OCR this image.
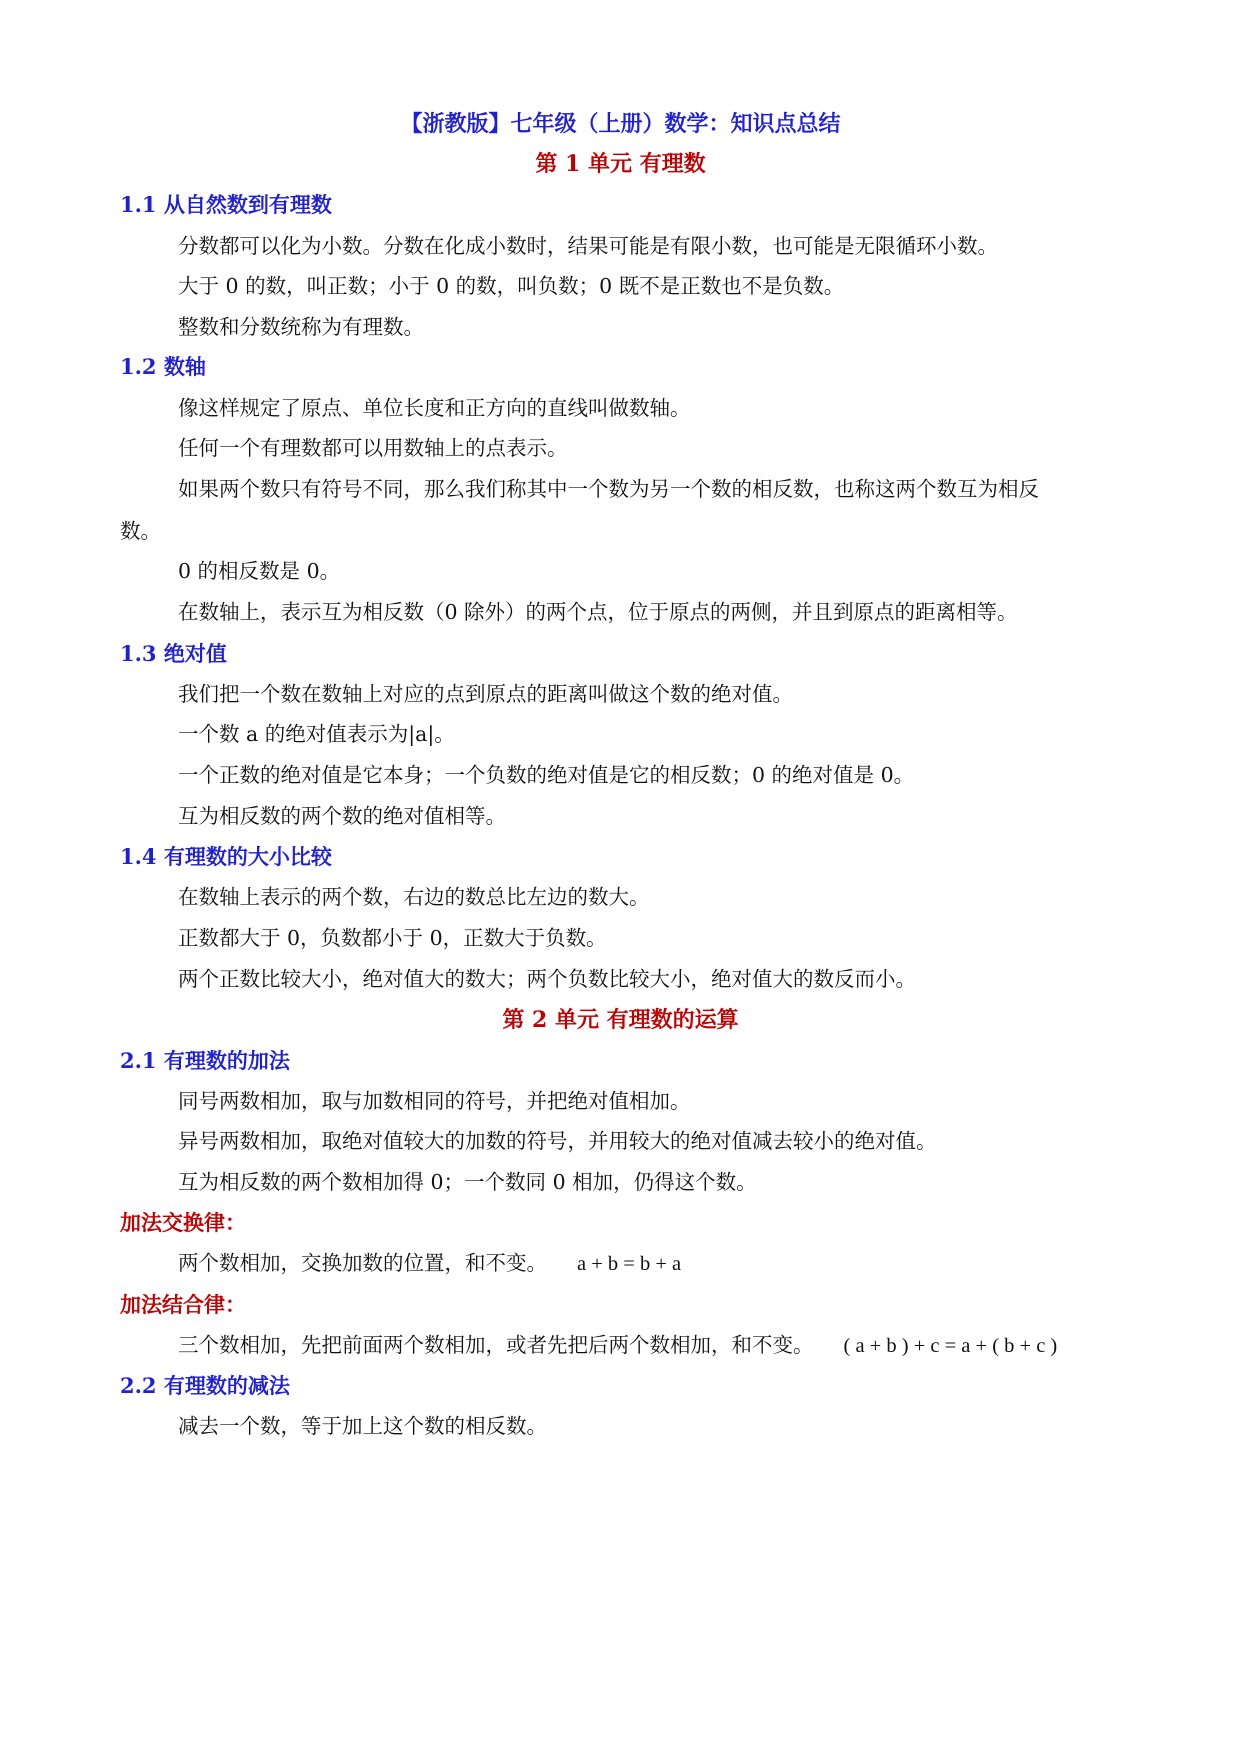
【浙教版】七年级（上册）数学：知识点总结
第 1 单元 有理数
1.1 从自然数到有理数
分数都可以化为小数。分数在化成小数时，结果可能是有限小数，也可能是无限循环小数。
大于 0 的数，叫正数；小于 0 的数，叫负数；0 既不是正数也不是负数。
整数和分数统称为有理数。
1.2 数轴
像这样规定了原点、单位长度和正方向的直线叫做数轴。
任何一个有理数都可以用数轴上的点表示。
如果两个数只有符号不同，那么我们称其中一个数为另一个数的相反数，也称这两个数互为相反
数。
0 的相反数是 0。
在数轴上，表示互为相反数（0 除外）的两个点，位于原点的两侧，并且到原点的距离相等。
1.3 绝对值
我们把一个数在数轴上对应的点到原点的距离叫做这个数的绝对值。
一个数 a 的绝对值表示为|a|。
一个正数的绝对值是它本身；一个负数的绝对值是它的相反数；0 的绝对值是 0。
互为相反数的两个数的绝对值相等。
1.4 有理数的大小比较
在数轴上表示的两个数，右边的数总比左边的数大。
正数都大于 0，负数都小于 0，正数大于负数。
两个正数比较大小，绝对值大的数大；两个负数比较大小，绝对值大的数反而小。
第 2 单元 有理数的运算
2.1 有理数的加法
同号两数相加，取与加数相同的符号，并把绝对值相加。
异号两数相加，取绝对值较大的加数的符号，并用较大的绝对值减去较小的绝对值。
互为相反数的两个数相加得 0；一个数同 0 相加，仍得这个数。
加法交换律：
两个数相加，交换加数的位置，和不变。 a + b = b + a
加法结合律：
三个数相加，先把前面两个数相加，或者先把后两个数相加，和不变。 ( a + b ) + c = a + ( b + c )
2.2 有理数的减法
减去一个数，等于加上这个数的相反数。
